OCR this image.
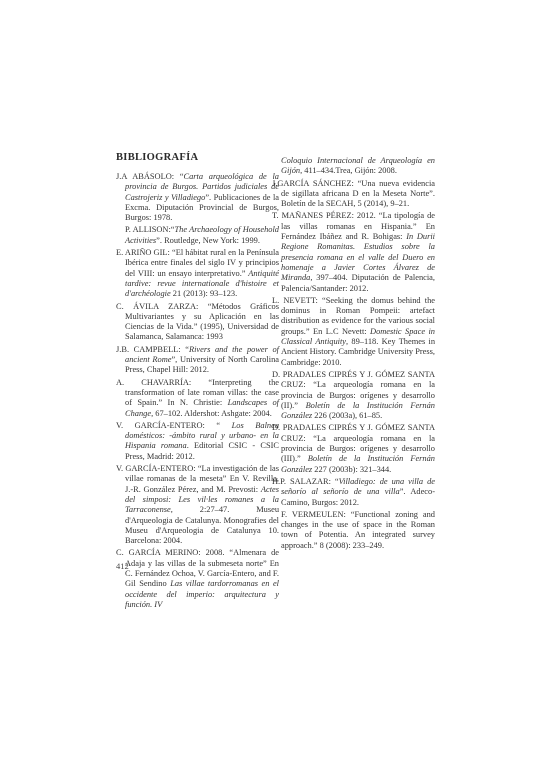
BIBLIOGRAFÍA

J.A ABÁSOLO: “Carta arqueológica de la provincia de Burgos. Partidos judiciales de Castrojeriz y Villadiego”. Publicaciones de la Excma. Diputación Provincial de Burgos, Burgos: 1978.

P. ALLISON:“The Archaeology of Household Activities”. Routledge, New York: 1999.

E. ARIÑO GIL: “El hábitat rural en la Península Ibérica entre finales del siglo IV y principios del VIII: un ensayo interpretativo.” Antiquité tardive: revue internationale d'histoire et d'archéologie 21 (2013): 93–123.

C. ÁVILA ZARZA: “Métodos Gráficos Multivariantes y su Aplicación en las Ciencias de la Vida.” (1995), Universidad de Salamanca, Salamanca: 1993

J.B. CAMPBELL: “Rivers and the power of ancient Rome”, University of North Carolina Press, Chapel Hill: 2012.

A. CHAVARRÍA: “Interpreting the transformation of late roman villas: the case of Spain.” In N. Christie: Landscapes of Change, 67–102. Aldershot: Ashgate: 2004.

V. GARCÍA-ENTERO: “ Los Balnea domésticos: -ámbito rural y urbano- en la Hispania romana. Editorial CSIC - CSIC Press, Madrid: 2012.

V. GARCÍA-ENTERO: “La investigación de las villae romanas de la meseta” En V. Revilla, J.-R. González Pérez, and M. Prevosti: Actes del simposi: Les vil·les romanes a la Tarraconense, 2:27–47. Museu d'Arqueologia de Catalunya. Monografies del Museu d'Arqueologia de Catalunya 10. Barcelona: 2004.

C. GARCÍA MERINO: 2008. “Almenara de Adaja y las villas de la submeseta norte” En C. Fernández Ochoa, V. García-Entero, and F. Gil Sendino Las villae tardorromanas en el occidente del imperio: arquitectura y función. IV

Coloquio Internacional de Arqueología en Gijón, 411–434.Trea, Gijón: 2008.

J.GARCÍA SÁNCHEZ: “Una nueva evidencia de sigillata africana D en la Meseta Norte”. Boletín de la SECAH, 5 (2014), 9–21.

T. MAÑANES PÉREZ: 2012. “La tipología de las villas romanas en Hispania.” En Fernández Ibáñez and R. Bohigas: In Durii Regione Romanitas. Estudios sobre la presencia romana en el valle del Duero en homenaje a Javier Cortes Álvarez de Miranda, 397–404. Diputación de Palencia, Palencia/Santander: 2012.

L. NEVETT: “Seeking the domus behind the dominus in Roman Pompeii: artefact distribution as evidence for the various social groups.” En L.C Nevett: Domestic Space in Classical Antiquity, 89–118. Key Themes in Ancient History. Cambridge University Press, Cambridge: 2010.

D. PRADALES CIPRÉS Y J. GÓMEZ SANTA CRUZ: “La arqueología romana en la provincia de Burgos: orígenes y desarrollo (II).” Boletín de la Institución Fernán González 226 (2003a), 61–85.

D. PRADALES CIPRÉS Y J. GÓMEZ SANTA CRUZ: “La arqueología romana en la provincia de Burgos: orígenes y desarrollo (III).” Boletín de la Institución Fernán González 227 (2003b): 321–344.

H.P. SALAZAR: “Villadiego: de una villa de señorío al señorío de una villa”. Adeco-Camino, Burgos: 2012.

F. VERMEULEN: “Functional zoning and changes in the use of space in the Roman town of Potentia. An integrated survey approach.” 8 (2008): 233–249.

412
